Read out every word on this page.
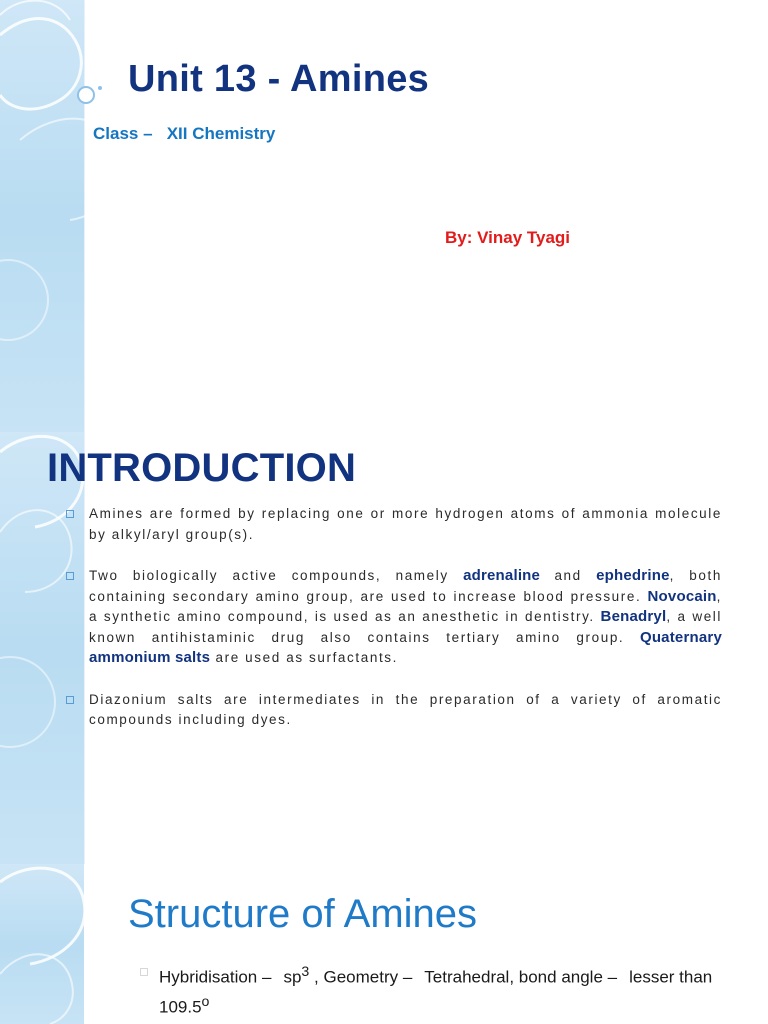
Unit 13 - Amines
Class –   XII Chemistry
By: Vinay Tyagi
INTRODUCTION
Amines are formed by replacing one or more hydrogen atoms of ammonia molecule by alkyl/aryl group(s).
Two biologically active compounds, namely adrenaline and ephedrine, both containing secondary amino group, are used to increase blood pressure. Novocain, a synthetic amino compound, is used as an anesthetic in dentistry. Benadryl, a well known antihistaminic drug also contains tertiary amino group. Quaternary ammonium salts are used as surfactants.
Diazonium salts are intermediates in the preparation of a variety of aromatic compounds including dyes.
Structure of Amines
Hybridisation – $sp^3$ , Geometry – Tetrahedral, bond angle – lesser than 109.5$^o$
